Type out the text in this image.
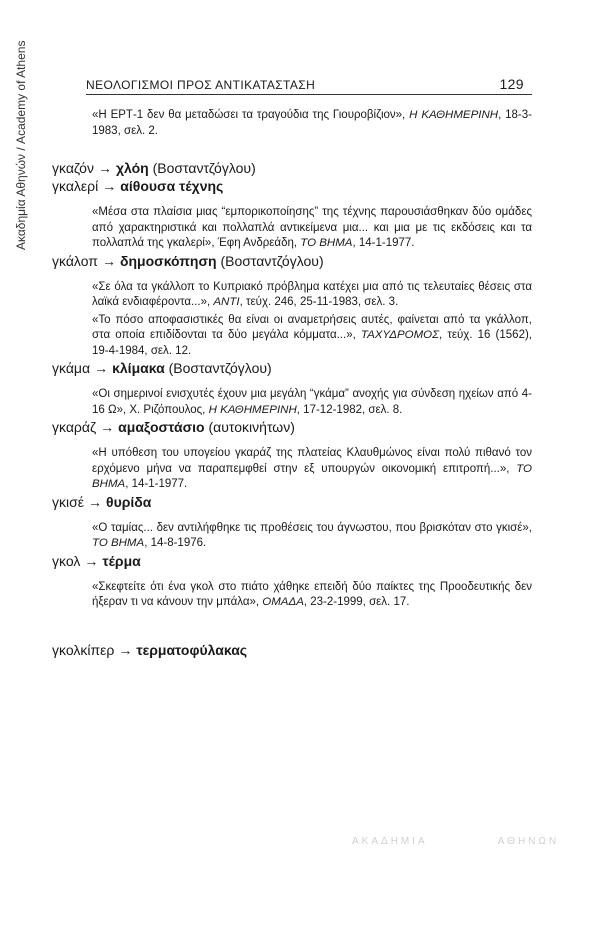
Ακαδημία Αθηνών / Academy of Athens	ΝΕΟΛΟΓΙΣΜΟΙ ΠΡΟΣ ΑΝΤΙΚΑΤΑΣΤΑΣΗ	129

«Η ΕΡΤ-1 δεν θα μεταδώσει τα τραγούδια της Γιουροβίζιον», Η ΚΑΘΗΜΕΡΙΝΗ, 18-3-1983, σελ. 2.

γκαζόν → χλόη (Βοσταντζόγλου)
γκαλερί → αίθουσα τέχνης

«Μέσα στα πλαίσια μιας “εμπορικοποίησης” της τέχνης παρουσιάσθηκαν δύο ομάδες από χαρακτηριστικά και πολλαπλά αντικείμενα μια... και μια με τις εκδόσεις και τα πολλαπλά της γκαλερί», Έφη Ανδρεάδη, ΤΟ ΒΗΜΑ, 14-1-1977.

γκάλοπ → δημοσκόπηση (Βοσταντζόγλου)

«Σε όλα τα γκάλλοπ το Κυπριακό πρόβλημα κατέχει μια από τις τελευταίες θέσεις στα λαϊκά ενδιαφέροντα...», ΑΝΤΙ, τεύχ. 246, 25-11-1983, σελ. 3.

«Το πόσο αποφασιστικές θα είναι οι αναμετρήσεις αυτές, φαίνεται από τα γκάλλοπ, στα οποία επιδίδονται τα δύο μεγάλα κόμματα...», ΤΑΧΥΔΡΟΜΟΣ, τεύχ. 16 (1562), 19-4-1984, σελ. 12.

γκάμα → κλίμακα (Βοσταντζόγλου)

«Οι σημερινοί ενισχυτές έχουν μια μεγάλη “γκάμα” ανοχής για σύνδεση ηχείων από 4-16 Ω», Χ. Ριζόπουλος, Η ΚΑΘΗΜΕΡΙΝΗ, 17-12-1982, σελ. 8.

γκαράζ → αμαξοστάσιο (αυτοκινήτων)

«Η υπόθεση του υπογείου γκαράζ της πλατείας Κλαυθμώνος είναι πολύ πιθανό τον ερχόμενο μήνα να παραπεμφθεί στην εξ υπουργών οικονομική επιτροπή...», ΤΟ ΒΗΜΑ, 14-1-1977.

γκισέ → θυρίδα

«Ο ταμίας... δεν αντιλήφθηκε τις προθέσεις του άγνωστου, που βρισκόταν στο γκισέ», ΤΟ ΒΗΜΑ, 14-8-1976.

γκολ → τέρμα

«Σκεφτείτε ότι ένα γκολ στο πιάτο χάθηκε επειδή δύο παίκτες της Προοδευτικής δεν ήξεραν τι να κάνουν την μπάλα», ΟΜΑΔΑ, 23-2-1999, σελ. 17.

γκολκίπερ → τερματοφύλακας
ΑΚΑΔΗΜΙΑ	ΑΘΗΝΩΝ
